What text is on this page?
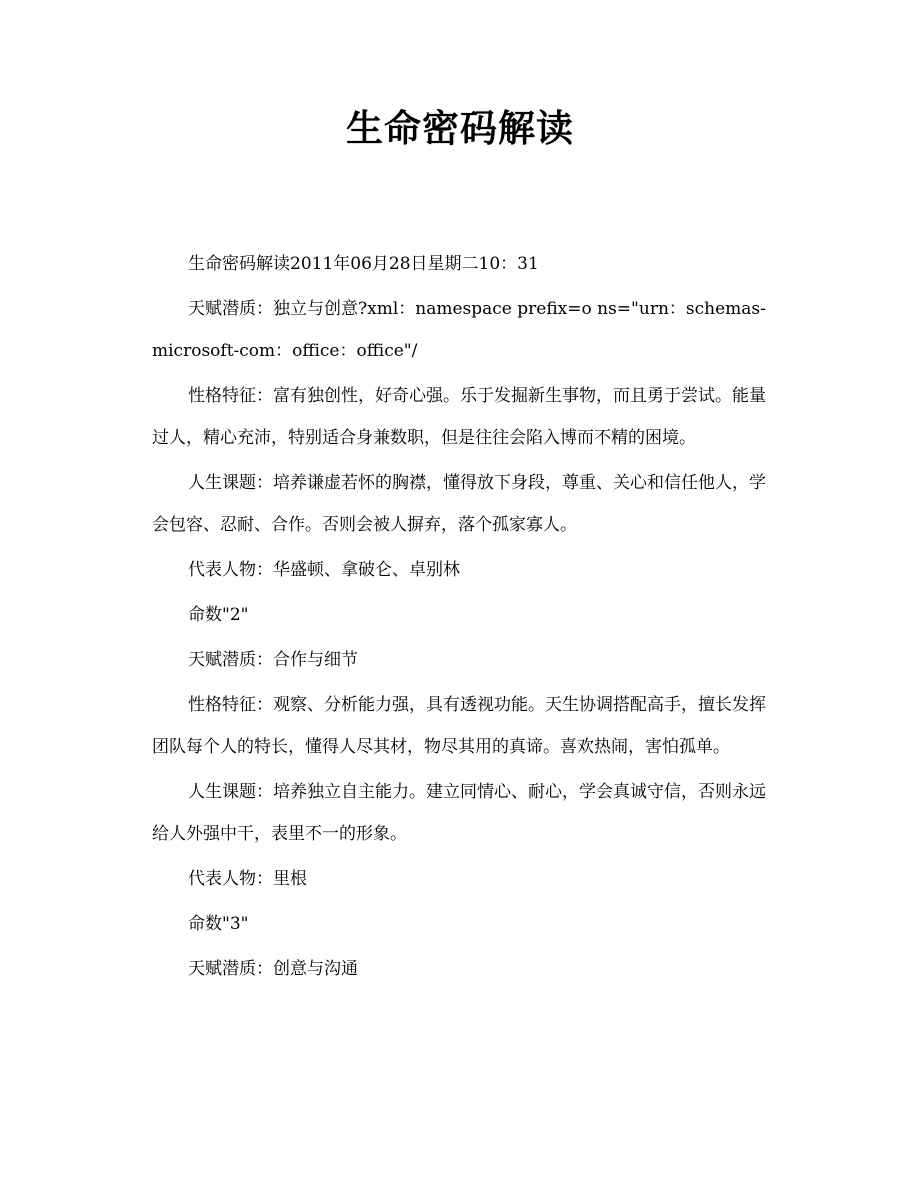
生命密码解读

生命密码解读2011年06月28日星期二10：31

天赋潜质：独立与创意?xml：namespace prefix=o ns="urn：schemas-microsoft-com：office：office"/

性格特征：富有独创性，好奇心强。乐于发掘新生事物，而且勇于尝试。能量过人，精心充沛，特别适合身兼数职，但是往往会陷入博而不精的困境。

人生课题：培养谦虚若怀的胸襟，懂得放下身段，尊重、关心和信任他人，学会包容、忍耐、合作。否则会被人摒弃，落个孤家寡人。

代表人物：华盛顿、拿破仑、卓别林

命数"2"

天赋潜质：合作与细节

性格特征：观察、分析能力强，具有透视功能。天生协调搭配高手，擅长发挥团队每个人的特长，懂得人尽其材，物尽其用的真谛。喜欢热闹，害怕孤单。

人生课题：培养独立自主能力。建立同情心、耐心，学会真诚守信，否则永远给人外强中干，表里不一的形象。

代表人物：里根

命数"3"

天赋潜质：创意与沟通
